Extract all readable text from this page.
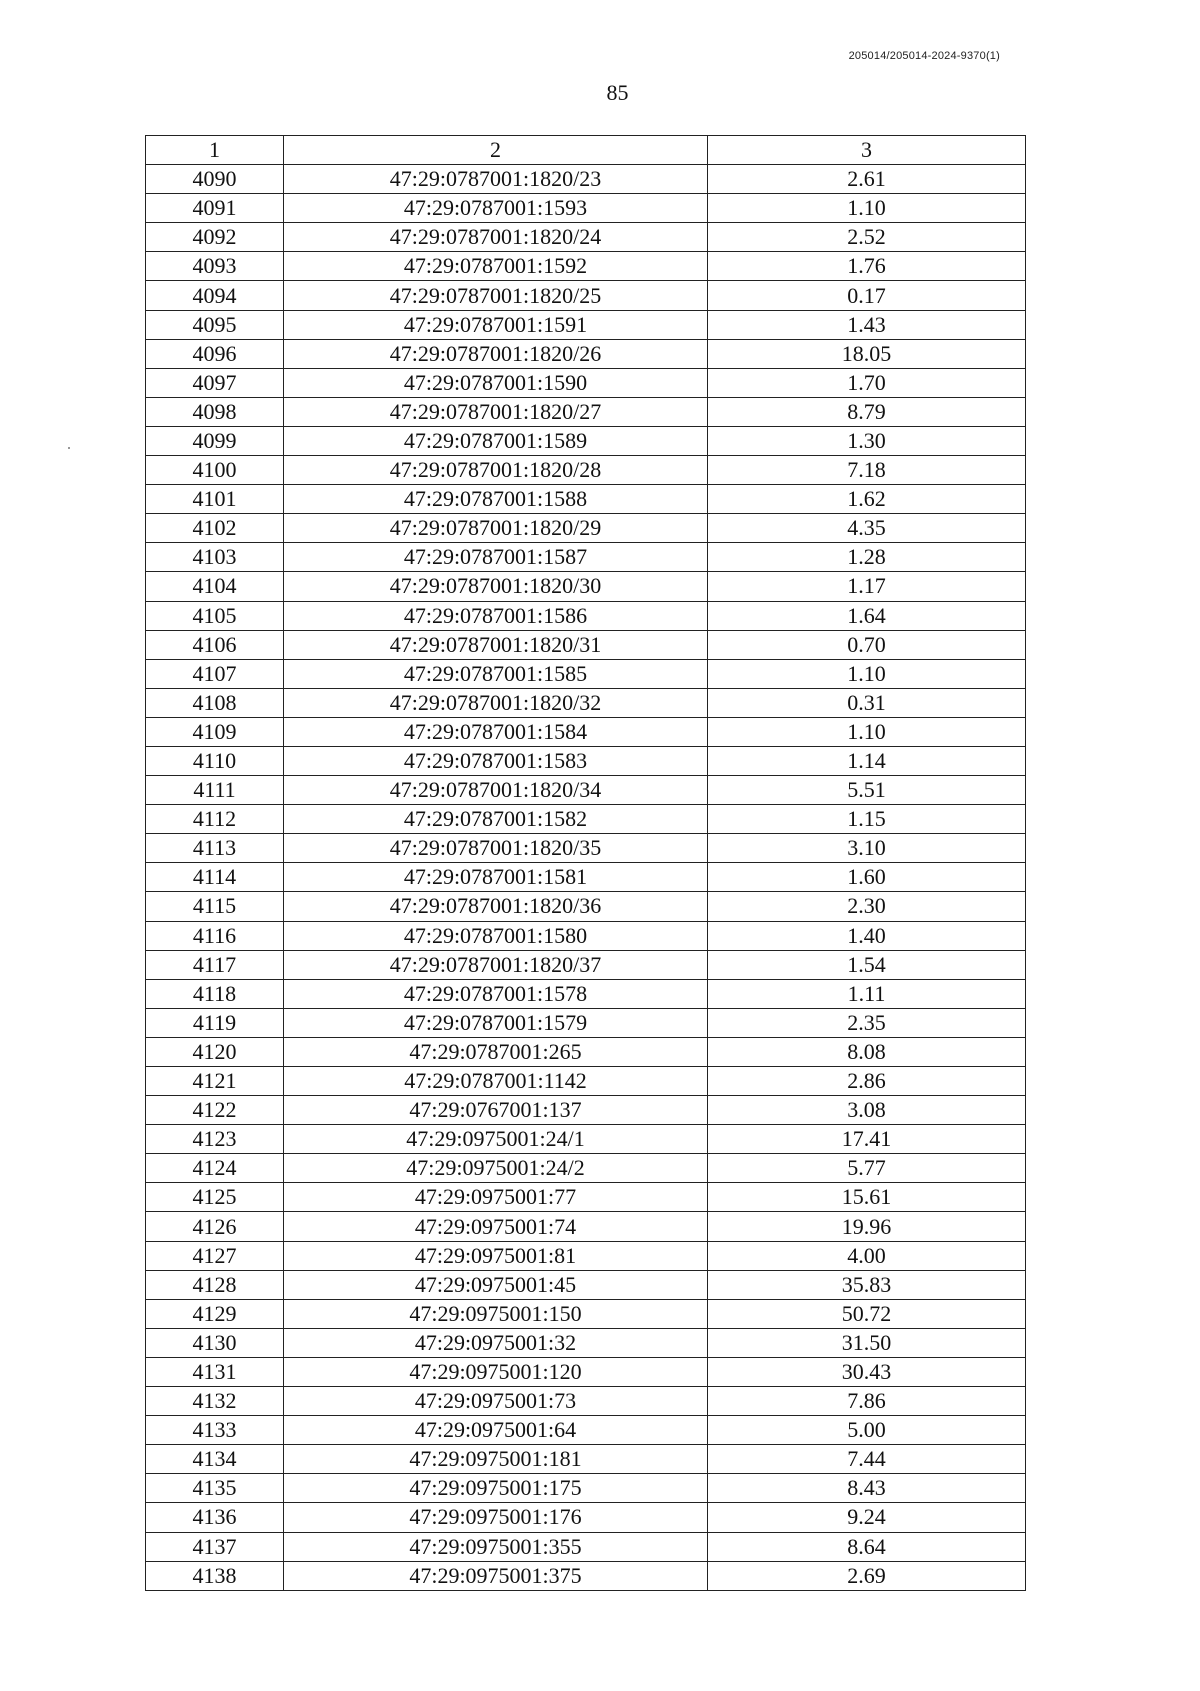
205014/205014-2024-9370(1)
85
1	2	3
4090	47:29:0787001:1820/23	2.61
4091	47:29:0787001:1593	1.10
4092	47:29:0787001:1820/24	2.52
4093	47:29:0787001:1592	1.76
4094	47:29:0787001:1820/25	0.17
4095	47:29:0787001:1591	1.43
4096	47:29:0787001:1820/26	18.05
4097	47:29:0787001:1590	1.70
4098	47:29:0787001:1820/27	8.79
4099	47:29:0787001:1589	1.30
4100	47:29:0787001:1820/28	7.18
4101	47:29:0787001:1588	1.62
4102	47:29:0787001:1820/29	4.35
4103	47:29:0787001:1587	1.28
4104	47:29:0787001:1820/30	1.17
4105	47:29:0787001:1586	1.64
4106	47:29:0787001:1820/31	0.70
4107	47:29:0787001:1585	1.10
4108	47:29:0787001:1820/32	0.31
4109	47:29:0787001:1584	1.10
4110	47:29:0787001:1583	1.14
4111	47:29:0787001:1820/34	5.51
4112	47:29:0787001:1582	1.15
4113	47:29:0787001:1820/35	3.10
4114	47:29:0787001:1581	1.60
4115	47:29:0787001:1820/36	2.30
4116	47:29:0787001:1580	1.40
4117	47:29:0787001:1820/37	1.54
4118	47:29:0787001:1578	1.11
4119	47:29:0787001:1579	2.35
4120	47:29:0787001:265	8.08
4121	47:29:0787001:1142	2.86
4122	47:29:0767001:137	3.08
4123	47:29:0975001:24/1	17.41
4124	47:29:0975001:24/2	5.77
4125	47:29:0975001:77	15.61
4126	47:29:0975001:74	19.96
4127	47:29:0975001:81	4.00
4128	47:29:0975001:45	35.83
4129	47:29:0975001:150	50.72
4130	47:29:0975001:32	31.50
4131	47:29:0975001:120	30.43
4132	47:29:0975001:73	7.86
4133	47:29:0975001:64	5.00
4134	47:29:0975001:181	7.44
4135	47:29:0975001:175	8.43
4136	47:29:0975001:176	9.24
4137	47:29:0975001:355	8.64
4138	47:29:0975001:375	2.69
